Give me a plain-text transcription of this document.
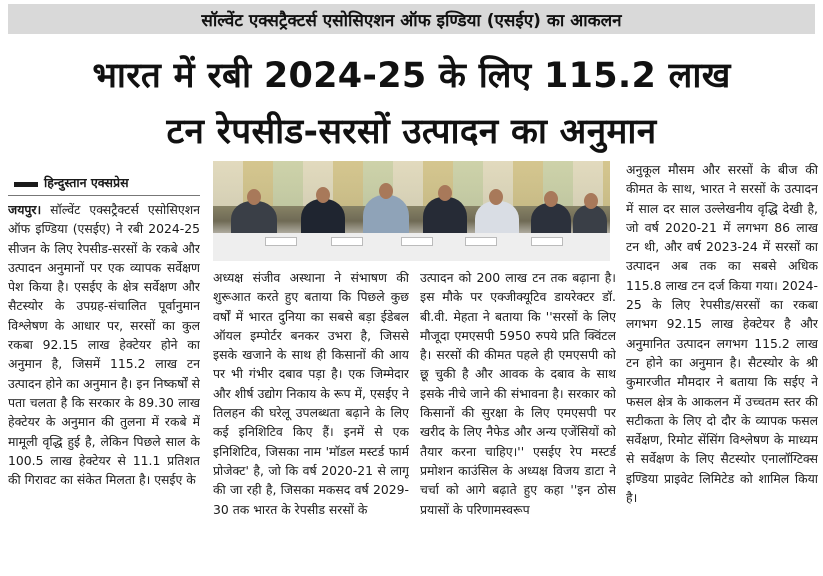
सॉल्वेंट एक्सट्रैक्टर्स एसोसिएशन ऑफ इण्डिया (एसईए) का आकलन
भारत में रबी 2024-25 के लिए 115.2 लाख
टन रेपसीड-सरसों उत्पादन का अनुमान
हिन्दुस्तान एक्सप्रेस
जयपुर। सॉल्वेंट एक्सट्रैक्टर्स एसोसिएशन ऑफ इण्डिया (एसईए) ने रबी 2024-25 सीजन के लिए रेपसीड-सरसों के रकबे और उत्पादन अनुमानों पर एक व्यापक सर्वेक्षण पेश किया है। एसईए के क्षेत्र सर्वेक्षण और सैटस्योर के उपग्रह-संचालित पूर्वानुमान विश्लेषण के आधार पर, सरसों का कुल रकबा 92.15 लाख हेक्टेयर होने का अनुमान है, जिसमें 115.2 लाख टन उत्पादन होने का अनुमान है। इन निष्कर्षों से पता चलता है कि सरकार के 89.30 लाख हेक्टेयर के अनुमान की तुलना में रकबे में मामूली वृद्धि हुई है, लेकिन पिछले साल के 100.5 लाख हेक्टेयर से 11.1 प्रतिशत की गिरावट का संकेत मिलता है। एसईए के
अध्यक्ष संजीव अस्थाना ने संभाषण की शुरूआत करते हुए बताया कि पिछले कुछ वर्षों में भारत दुनिया का सबसे बड़ा ईडेबल ऑयल इम्पोर्टर बनकर उभरा है, जिससे इसके खजाने के साथ ही किसानों की आय पर भी गंभीर दबाव पड़ा है। एक जिम्मेदार और शीर्ष उद्योग निकाय के रूप में, एसईए ने तिलहन की घरेलू उपलब्धता बढ़ाने के लिए कई इनिशिटिव किए हैं। इनमें से एक इनिशिटिव, जिसका नाम 'मॉडल मस्टर्ड फार्म प्रोजेक्ट' है, जो कि वर्ष 2020-21 से लागू की जा रही है, जिसका मकसद वर्ष 2029-30 तक भारत के रेपसीड सरसों के
उत्पादन को 200 लाख टन तक बढ़ाना है। इस मौके पर एक्जीक्यूटिव डायरेक्टर डॉ. बी.वी. मेहता ने बताया कि ''सरसों के लिए मौजूदा एमएसपी 5950 रुपये प्रति क्विंटल है। सरसों की कीमत पहले ही एमएसपी को छू चुकी है और आवक के दबाव के साथ इसके नीचे जाने की संभावना है। सरकार को किसानों की सुरक्षा के लिए एमएसपी पर खरीद के लिए नैफेड और अन्य एजेंसियों को तैयार करना चाहिए।'' एसईए रेप मस्टर्ड प्रमोशन काउंसिल के अध्यक्ष विजय डाटा ने चर्चा को आगे बढ़ाते हुए कहा ''इन ठोस प्रयासों के परिणामस्वरूप
अनुकूल मौसम और सरसों के बीज की कीमत के साथ, भारत ने सरसों के उत्पादन में साल दर साल उल्लेखनीय वृद्धि देखी है, जो वर्ष 2020-21 में लगभग 86 लाख टन थी, और वर्ष 2023-24 में सरसों का उत्पादन अब तक का सबसे अधिक 115.8 लाख टन दर्ज किया गया। 2024-25 के लिए रेपसीड/सरसों का रकबा लगभग 92.15 लाख हेक्टेयर है और अनुमानित उत्पादन लगभग 115.2 लाख टन होने का अनुमान है। सैटस्योर के श्री कुमारजीत मौमदार ने बताया कि सईए ने फसल क्षेत्र के आकलन में उच्चतम स्तर की सटीकता के लिए दो दौर के व्यापक फसल सर्वेक्षण, रिमोट सेंसिंग विश्लेषण के माध्यम से सर्वेक्षण के लिए सैटस्योर एनालॉग्टिक्स इण्डिया प्राइवेट लिमिटेड को शामिल किया है।
